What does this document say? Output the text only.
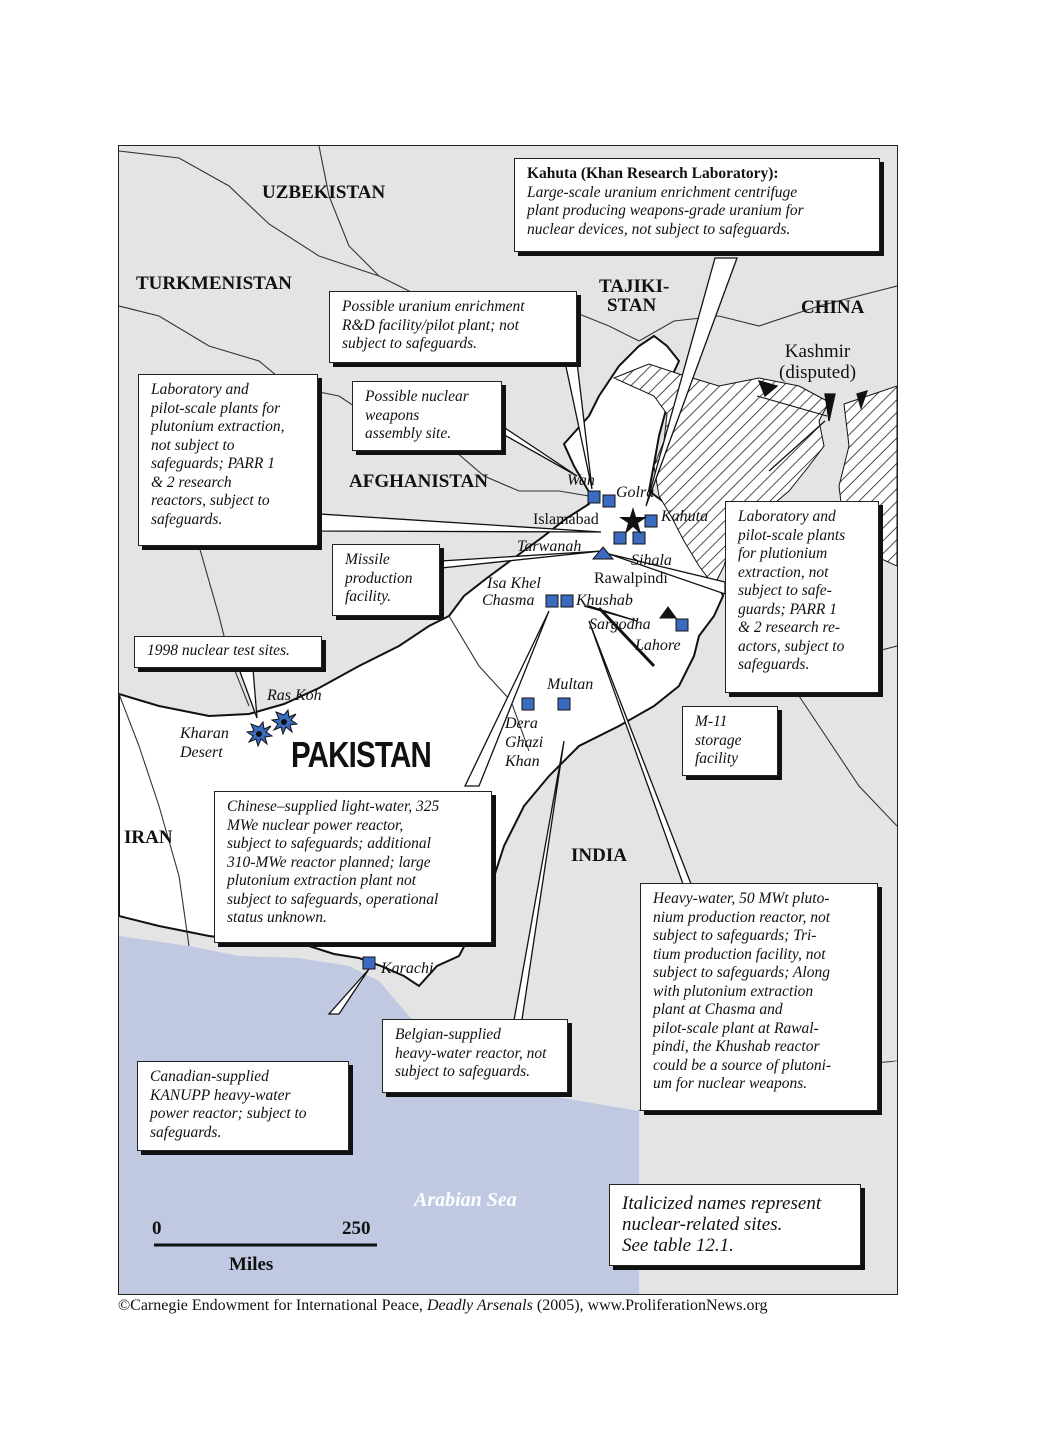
UZBEKISTAN
TURKMENISTAN	TAJIKI-
STAN	CHINA
AFGHANISTAN
PAKISTAN
IRAN
INDIA
Kashmir
(disputed)
Arabian Sea
Wah
Golra
Islamabad	Kahuta
Tarwanah
Sihala
Rawalpindi
Isa Khel
Chasma	Khushab
Sargodha
Lahore
Multan
Dera
Ghazi
Khan
Ras Koh
Kharan
Desert
Karachi
Kahuta (Khan Research Laboratory):
Large-scale uranium enrichment centrifuge
plant producing weapons-grade uranium for
nuclear devices, not subject to safeguards.
Possible uranium enrichment
R&D facility/pilot plant; not
subject to safeguards.
Possible nuclear
weapons
assembly site.
Laboratory and
pilot-scale plants for
plutonium extraction,
not subject to
safeguards; PARR 1
& 2 research
reactors, subject to
safeguards.
Missile
production
facility.
Laboratory and
pilot-scale plants
for plutionium
extraction, not
subject to safe-
guards; PARR 1
& 2 research re-
actors, subject to
safeguards.
1998 nuclear test sites.
M-11
storage
facility
Chinese–supplied light-water, 325
MWe nuclear power reactor,
subject to safeguards; additional
310-MWe reactor planned; large
plutonium extraction plant not
subject to safeguards, operational
status unknown.
Heavy-water, 50 MWt pluto-
nium production reactor, not
subject to safeguards; Tri-
tium production facility, not
subject to safeguards; Along
with plutonium extraction
plant at Chasma and
pilot-scale plant at Rawal-
pindi, the Khushab reactor
could be a source of plutoni-
um for nuclear weapons.
Belgian-supplied
heavy-water reactor, not
subject to safeguards.
Canadian-supplied
KANUPP heavy-water
power reactor; subject to
safeguards.
Italicized names represent
nuclear-related sites.
See table 12.1.
0	250
Miles
©Carnegie Endowment for International Peace, Deadly Arsenals (2005), www.ProliferationNews.org
